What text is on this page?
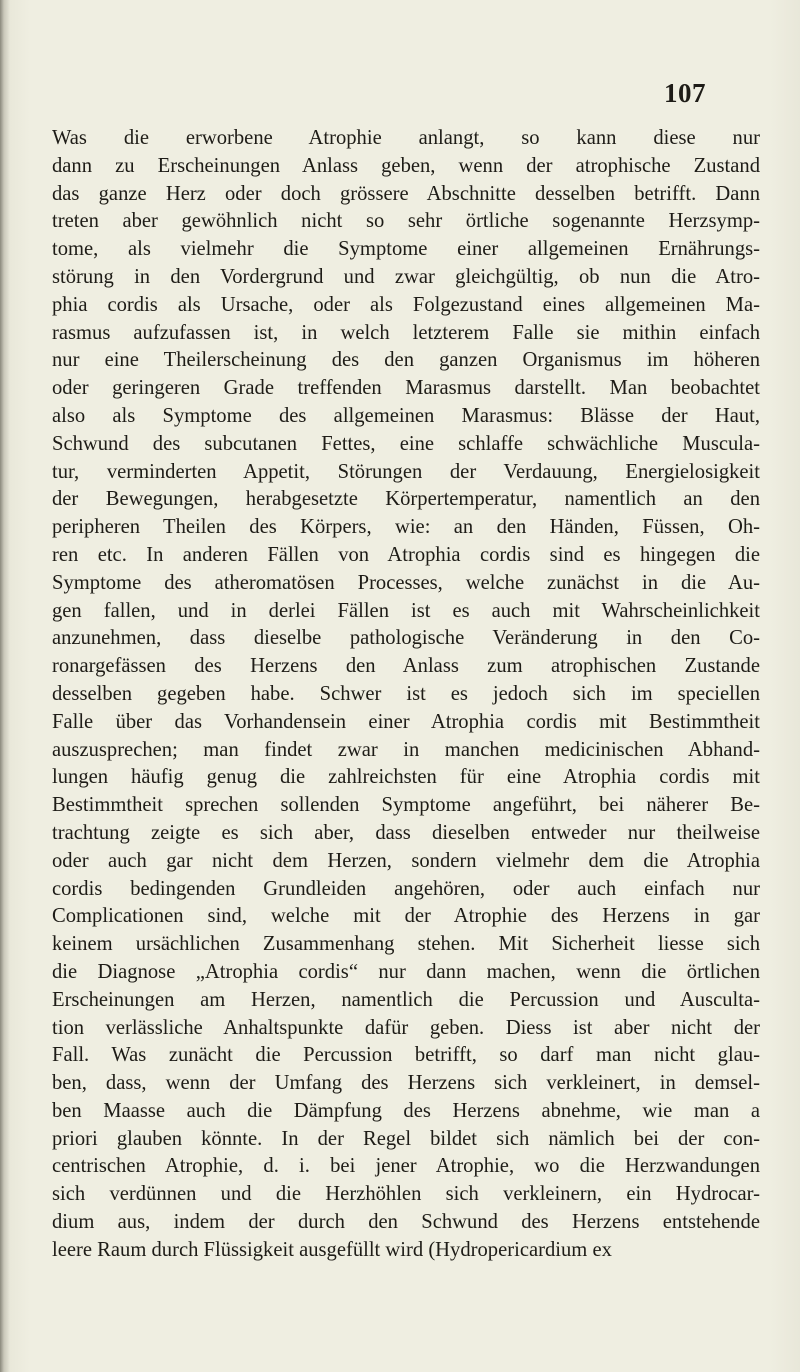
107
Was die erworbene Atrophie anlangt, so kann diese nur
dann zu Erscheinungen Anlass geben, wenn der atrophische Zustand
das ganze Herz oder doch grössere Abschnitte desselben betrifft. Dann
treten aber gewöhnlich nicht so sehr örtliche sogenannte Herzsymp-
tome, als vielmehr die Symptome einer allgemeinen Ernährungs-
störung in den Vordergrund und zwar gleichgültig, ob nun die Atro-
phia cordis als Ursache, oder als Folgezustand eines allgemeinen Ma-
rasmus aufzufassen ist, in welch letzterem Falle sie mithin einfach
nur eine Theilerscheinung des den ganzen Organismus im höheren
oder geringeren Grade treffenden Marasmus darstellt. Man beobachtet
also als Symptome des allgemeinen Marasmus: Blässe der Haut,
Schwund des subcutanen Fettes, eine schlaffe schwächliche Muscula-
tur, verminderten Appetit, Störungen der Verdauung, Energielosigkeit
der Bewegungen, herabgesetzte Körpertemperatur, namentlich an den
peripheren Theilen des Körpers, wie: an den Händen, Füssen, Oh-
ren etc. In anderen Fällen von Atrophia cordis sind es hingegen die
Symptome des atheromatösen Processes, welche zunächst in die Au-
gen fallen, und in derlei Fällen ist es auch mit Wahrscheinlichkeit
anzunehmen, dass dieselbe pathologische Veränderung in den Co-
ronargefässen des Herzens den Anlass zum atrophischen Zustande
desselben gegeben habe. Schwer ist es jedoch sich im speciellen
Falle über das Vorhandensein einer Atrophia cordis mit Bestimmtheit
auszusprechen; man findet zwar in manchen medicinischen Abhand-
lungen häufig genug die zahlreichsten für eine Atrophia cordis mit
Bestimmtheit sprechen sollenden Symptome angeführt, bei näherer Be-
trachtung zeigte es sich aber, dass dieselben entweder nur theilweise
oder auch gar nicht dem Herzen, sondern vielmehr dem die Atrophia
cordis bedingenden Grundleiden angehören, oder auch einfach nur
Complicationen sind, welche mit der Atrophie des Herzens in gar
keinem ursächlichen Zusammenhang stehen. Mit Sicherheit liesse sich
die Diagnose „Atrophia cordis“ nur dann machen, wenn die örtlichen
Erscheinungen am Herzen, namentlich die Percussion und Ausculta-
tion verlässliche Anhaltspunkte dafür geben. Diess ist aber nicht der
Fall. Was zunächt die Percussion betrifft, so darf man nicht glau-
ben, dass, wenn der Umfang des Herzens sich verkleinert, in demsel-
ben Maasse auch die Dämpfung des Herzens abnehme, wie man a
priori glauben könnte. In der Regel bildet sich nämlich bei der con-
centrischen Atrophie, d. i. bei jener Atrophie, wo die Herzwandungen
sich verdünnen und die Herzhöhlen sich verkleinern, ein Hydrocar-
dium aus, indem der durch den Schwund des Herzens entstehende
leere Raum durch Flüssigkeit ausgefüllt wird (Hydropericardium ex
